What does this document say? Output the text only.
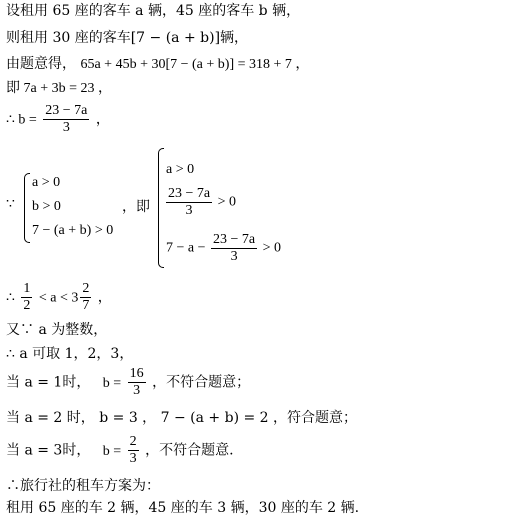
设租用 65 座的客车 a 辆，45 座的客车 b 辆，
则租用 30 座的客车[7 − (a + b)]辆，
由题意得， 65a + 45b + 30[7 − (a + b)] = 318 + 7 ，
即 7a + 3b = 23 ，
∴ $b = \frac{23 - 7a}{3}$ ，
∵
a > 0
b > 0
7 − (a + b) > 0
，即
a > 0
$\frac{23 - 7a}{3} > 0$
$7 - a - \frac{23 - 7a}{3} > 0$
∴ $\frac{1}{2} < a < 3 \frac{2}{7}$ ，
又∵ a 为整数，
∴ a 可取 1，2，3，
当 a = 1时， $b = \frac{16}{3}$ ，不符合题意；
当 a = 2 时， b = 3 ， 7 − (a + b) = 2 ，符合题意；
当 a = 3时， $b = \frac{2}{3}$ ，不符合题意.
∴旅行社的租车方案为：
租用 65 座的车 2 辆，45 座的车 3 辆，30 座的车 2 辆.
